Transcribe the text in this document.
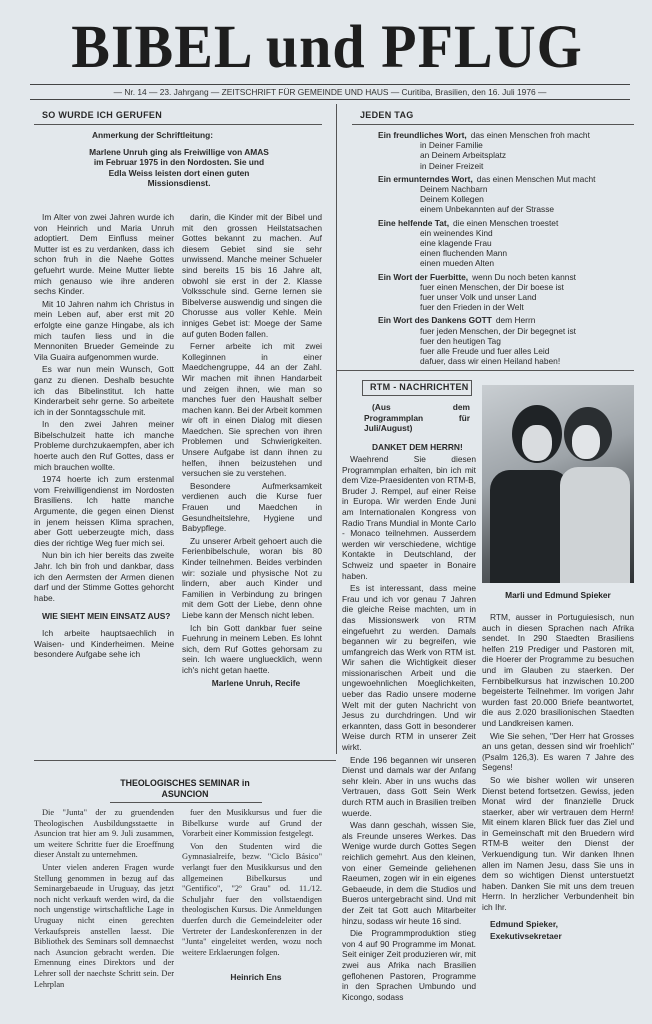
BIBEL und PFLUG
— Nr. 14 — 23. Jahrgang — ZEITSCHRIFT FÜR GEMEINDE UND HAUS — Curitiba, Brasilien, den 16. Juli 1976 —

SO WURDE ICH GERUFEN

Anmerkung der Schriftleitung:

Marlene Unruh ging als Freiwillige von AMAS im Februar 1975 in den Nordosten. Sie und Edla Weiss leisten dort einen guten Missionsdienst.

Im Alter von zwei Jahren wurde ich von Heinrich und Maria Unruh adoptiert. Dem Einfluss meiner Mutter ist es zu verdanken, dass ich schon fruh in die Naehe Gottes gefuehrt wurde. Meine Mutter liebte mich genauso wie ihre anderen sechs Kinder.

Mit 10 Jahren nahm ich Christus in mein Leben auf, aber erst mit 20 erfolgte eine ganze Hingabe, als ich mich taufen liess und in die Mennoniten Brueder Gemeinde zu Vila Guaira aufgenommen wurde.

Es war nun mein Wunsch, Gott ganz zu dienen. Deshalb besuchte ich das Bibelinstitut. Ich hatte Kinderarbeit sehr gerne. So arbeitete ich in der Sonntagsschule mit.

In den zwei Jahren meiner Bibelschulzeit hatte ich manche Probleme durchzukaempfen, aber ich hoerte auch den Ruf Gottes, dass er mich brauchen wollte.

1974 hoerte ich zum erstenmal vom Freiwilligendienst im Nordosten Brasiliens. Ich hatte manche Argumente, die gegen einen Dienst in jenem heissen Klima sprachen, aber Gott ueberzeugte mich, dass dies der richtige Weg fuer mich sei.

Nun bin ich hier bereits das zweite Jahr. Ich bin froh und dankbar, dass ich den Aermsten der Armen dienen darf und der Stimme Gottes gehorcht habe.

WIE SIEHT MEIN EINSATZ AUS?

Ich arbeite hauptsaechlich in Waisen- und Kinderheimen. Meine besondere Aufgabe sehe ich

darin, die Kinder mit der Bibel und mit den grossen Heilstatsachen Gottes bekannt zu machen. Auf diesem Gebiet sind sie sehr unwissend. Manche meiner Schueler sind bereits 15 bis 16 Jahre alt, obwohl sie erst in der 2. Klasse Volksschule sind. Gerne lernen sie Bibelverse auswendig und singen die Chorusse aus voller Kehle. Mein inniges Gebet ist: Moege der Same auf guten Boden fallen.

Ferner arbeite ich mit zwei Kolleginnen in einer Maedchengruppe, 44 an der Zahl. Wir machen mit ihnen Handarbeit und zeigen ihnen, wie man so manches fuer den Haushalt selber machen kann. Bei der Arbeit kommen wir oft in einen Dialog mit diesen Maedchen. Sie sprechen von ihren Problemen und Schwierigkeiten. Unsere Aufgabe ist dann ihnen zu helfen, ihnen beizustehen und versuchen sie zu verstehen.

Besondere Aufmerksamkeit verdienen auch die Kurse fuer Frauen und Maedchen in Gesundheitslehre, Hygiene und Babypflege.

Zu unserer Arbeit gehoert auch die Ferienbibelschule, woran bis 80 Kinder teilnehmen. Beides verbinden wir: soziale und physische Not zu lindern, aber auch Kinder und Familien in Verbindung zu bringen mit dem Gott der Liebe, denn ohne Liebe kann der Mensch nicht leben.

Ich bin Gott dankbar fuer seine Fuehrung in meinem Leben. Es lohnt sich, dem Ruf Gottes gehorsam zu sein. Ich waere ungluecklich, wenn ich's nicht getan haette.

Marlene Unruh, Recife

JEDEN TAG

Ein freundliches Wort, das einen Menschen froh macht
in Deiner Familie
an Deinem Arbeitsplatz
in Deiner Freizeit
Ein ermunterndes Wort, das einen Menschen Mut macht
Deinem Nachbarn
Deinem Kollegen
einem Unbekannten auf der Strasse
Eine helfende Tat, die einen Menschen troestet
ein weinendes Kind
eine klagende Frau
einen fluchenden Mann
einen mueden Alten
Ein Wort der Fuerbitte, wenn Du noch beten kannst
fuer einen Menschen, der Dir boese ist
fuer unser Volk und unser Land
fuer den Frieden in der Welt
Ein Wort des Dankens GOTT dem Herrn
fuer jeden Menschen, der Dir begegnet ist
fuer den heutigen Tag
fuer alle Freude und fuer alles Leid
dafuer, dass wir einen Heiland haben!

RTM - NACHRICHTEN

(Aus dem Programmplan für Juli/August)

DANKET DEM HERRN!

Waehrend Sie diesen Programmplan erhalten, bin ich mit dem Vize-Praesidenten von RTM-B, Bruder J. Rempel, auf einer Reise in Europa. Wir werden Ende Juni am Internationalen Kongress von Radio Trans Mundial in Monte Carlo - Monaco teilnehmen. Ausserdem werden wir verschiedene, wichtige Kontakte in Deutschland, der Schweiz und spaeter in Bonaire haben.

Es ist interessant, dass meine Frau und ich vor genau 7 Jahren die gleiche Reise machten, um in das Missionswerk von RTM eingefuehrt zu werden. Damals begannen wir zu begreifen, wie umfangreich das Werk von RTM ist. Wir sahen die Wichtigkeit dieser missionarischen Arbeit und die ungewoehnlichen Moeglichkeiten, ueber das Radio unsere moderne Welt mit der guten Nachricht von Jesus zu durchdringen. Und wir erkannten, dass Gott in besonderer Weise durch RTM in unserer Zeit wirkt.

Ende 196 begannen wir unseren Dienst und damals war der Anfang sehr klein. Aber in uns wuchs das Vertrauen, dass Gott Sein Werk durch RTM auch in Brasilien treiben wuerde.

Was dann geschah, wissen Sie, als Freunde unseres Werkes. Das Wenige wurde durch Gottes Segen reichlich gemehrt. Aus den kleinen, von einer Gemeinde geliehenen Raeumen, zogen wir in ein eigenes Gebaeude, in dem die Studios und Bueros untergebracht sind. Und mit der Zeit tat Gott auch Mitarbeiter hinzu, sodass wir heute 16 sind.

Die Programmproduktion stieg von 4 auf 90 Programme im Monat. Seit einiger Zeit produzieren wir, mit zwei aus Afrika nach Brasilien geflohenen Pastoren, Programme in den Sprachen Umbundo und Kicongo, sodass

Marli und Edmund Spieker

RTM, ausser in Portuguiesisch, nun auch in diesen Sprachen nach Afrika sendet. In 290 Staedten Brasiliens helfen 219 Prediger und Pastoren mit, die Hoerer der Programme zu besuchen und im Glauben zu staerken. Der Fernbibelkursus hat inzwischen 10.200 begeisterte Teilnehmer. Im vorigen Jahr wurden fast 20.000 Briefe beantwortet, die aus 2.020 brasilionischen Staedten und Landkreisen kamen.

Wie Sie sehen, "Der Herr hat Grosses an uns getan, dessen sind wir froehlich" (Psalm 126,3). Es waren 7 Jahre des Segens!

So wie bisher wollen wir unseren Dienst betend fortsetzen. Gewiss, jeden Monat wird der finanzielle Druck staerker, aber wir vertrauen dem Herrn! Mit einem klaren Blick fuer das Ziel und in Gemeinschaft mit den Bruedern wird RTM-B weiter den Dienst der Verkuendigung tun. Wir danken Ihnen allen im Namen Jesu, dass Sie uns in dem so wichtigen Dienst unterstuetzt haben. Danken Sie mit uns dem treuen Herrn. In herzlicher Verbundenheit bin ich Ihr.

Edmund Spieker,

Exekutivsekretaer

THEOLOGISCHES SEMINAR in ASUNCION

Die "Junta" der zu gruendenden Theologischen Ausbildungsstaette in Asuncion trat hier am 9. Juli zusammen, um weitere Schritte fuer die Eroeffnung dieser Anstalt zu unternehmen.

Unter vielen anderen Fragen wurde Stellung genommen in bezug auf das Seminargebaeude in Uruguay, das jetzt noch nicht verkauft werden wird, da die noch ungenstige wirtschaftliche Lage in Uruguay nicht einen gerechten Verkaufspreis anstellen laesst. Die Bibliothek des Seminars soll demnaechst nach Asuncion gebracht werden. Die Ernennung eines Direktors und der Lehrer soll der naechste Schritt sein. Der Lehrplan

fuer den Musikkursus und fuer die Bibelkurse wurde auf Grund der Vorarbeit einer Kommission festgelegt.

Von den Studenten wird die Gymnasialreife, bezw. "Ciclo Básico" verlangt fuer den Musikkursus und den allgemeinen Bibelkursus und "Gentifico", "2º Grau" od. 11./12. Schuljahr fuer den vollstaendigen theologischen Kursus. Die Anmeldungen duerfen durch die Gemeindeleiter oder Vertreter der Landeskonferenzen in der "Junta" eingeleitet werden, wozu noch weitere Erklaerungen folgen.

Heinrich Ens
